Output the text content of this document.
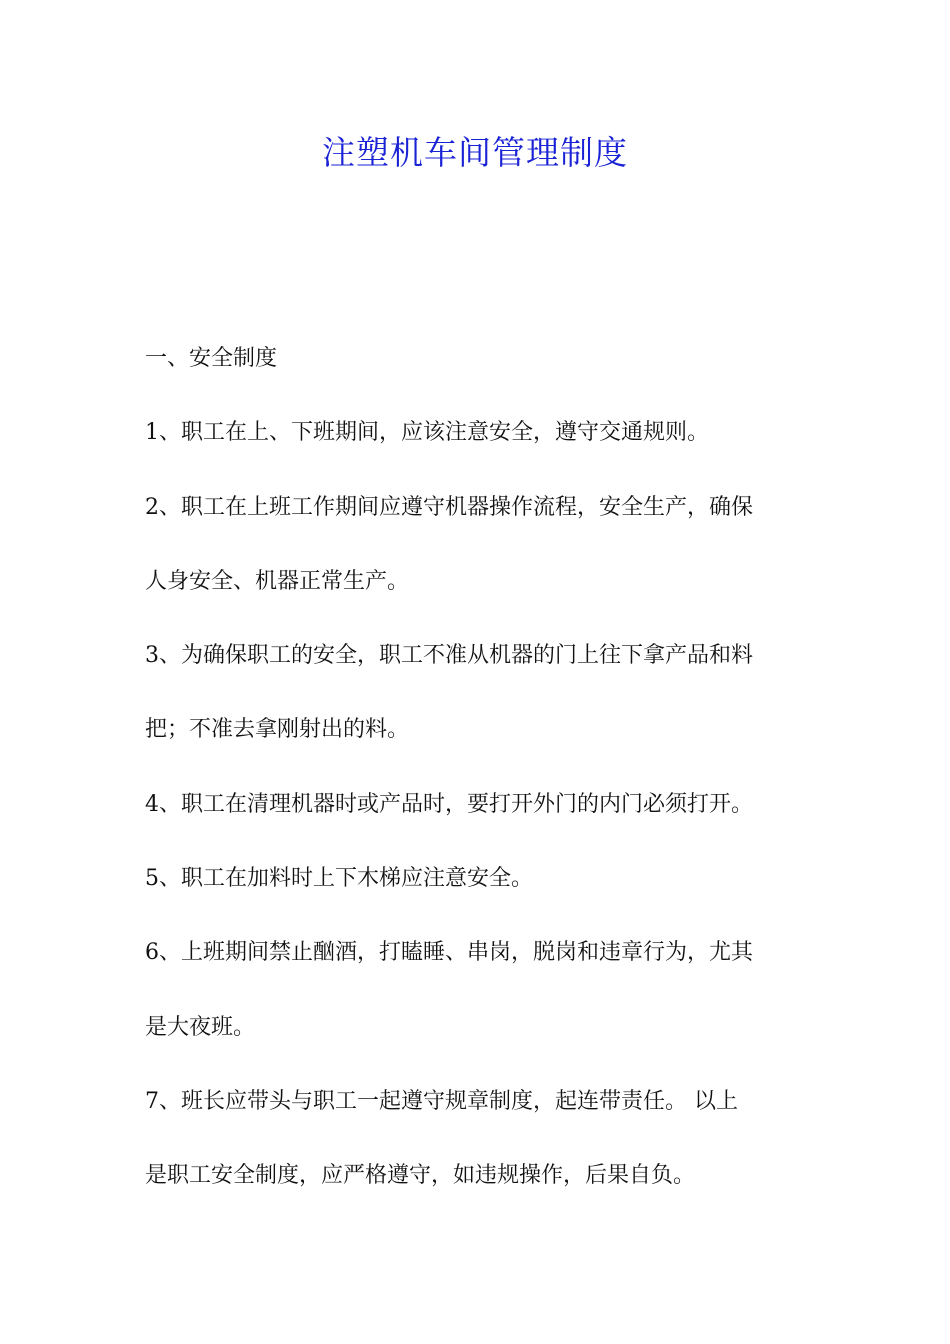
注塑机车间管理制度
一、安全制度
1、职工在上、下班期间，应该注意安全，遵守交通规则。
2、职工在上班工作期间应遵守机器操作流程，安全生产，确保
人身安全、机器正常生产。
3、为确保职工的安全，职工不准从机器的门上往下拿产品和料
把；不准去拿刚射出的料。
4、职工在清理机器时或产品时，要打开外门的内门必须打开。
5、职工在加料时上下木梯应注意安全。
6、上班期间禁止酗酒，打瞌睡、串岗，脱岗和违章行为，尤其
是大夜班。
7、班长应带头与职工一起遵守规章制度，起连带责任。 以上
是职工安全制度，应严格遵守，如违规操作，后果自负。
